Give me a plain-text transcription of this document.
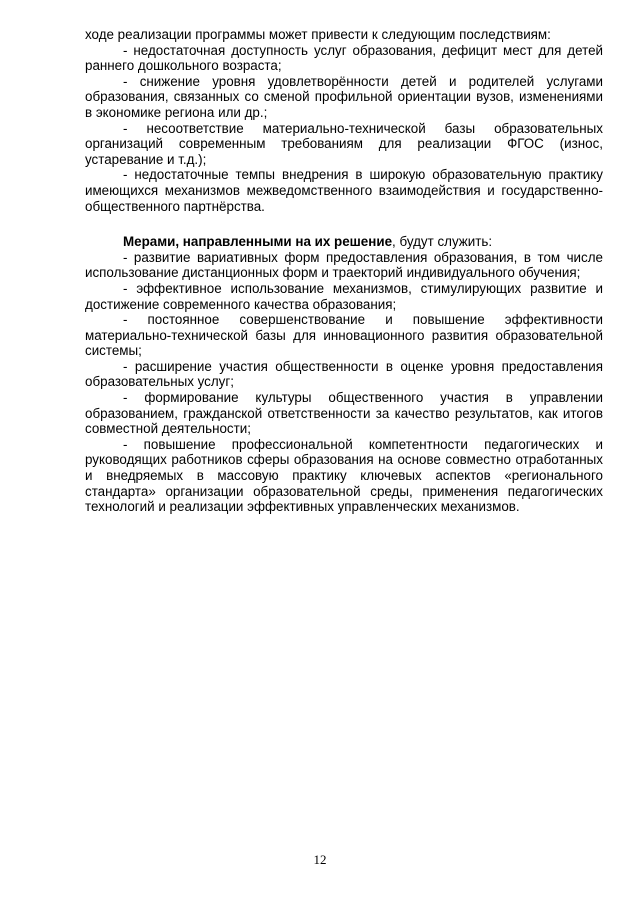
ходе реализации программы может привести к следующим последствиям:

- недостаточная доступность услуг образования, дефицит мест для детей раннего дошкольного возраста;

- снижение уровня удовлетворённости детей и родителей услугами образования, связанных со сменой профильной ориентации вузов, изменениями в экономике региона или др.;

- несоответствие материально-технической базы образовательных организаций современным требованиям для реализации ФГОС (износ, устаревание и т.д.);

- недостаточные темпы внедрения в широкую образовательную практику имеющихся механизмов межведомственного взаимодействия и государственно-общественного партнёрства.

Мерами, направленными на их решение, будут служить:

- развитие вариативных форм предоставления образования, в том числе использование дистанционных форм и траекторий индивидуального обучения;

- эффективное использование механизмов, стимулирующих развитие и достижение современного качества образования;

- постоянное совершенствование и повышение эффективности материально-технической базы для инновационного развития образовательной системы;

- расширение участия общественности в оценке уровня предоставления образовательных услуг;

- формирование культуры общественного участия в управлении образованием, гражданской ответственности за качество результатов, как итогов совместной деятельности;

- повышение профессиональной компетентности педагогических и руководящих работников сферы образования на основе совместно отработанных и внедряемых в массовую практику ключевых аспектов «регионального стандарта» организации образовательной среды, применения педагогических технологий и реализации эффективных управленческих механизмов.

12
